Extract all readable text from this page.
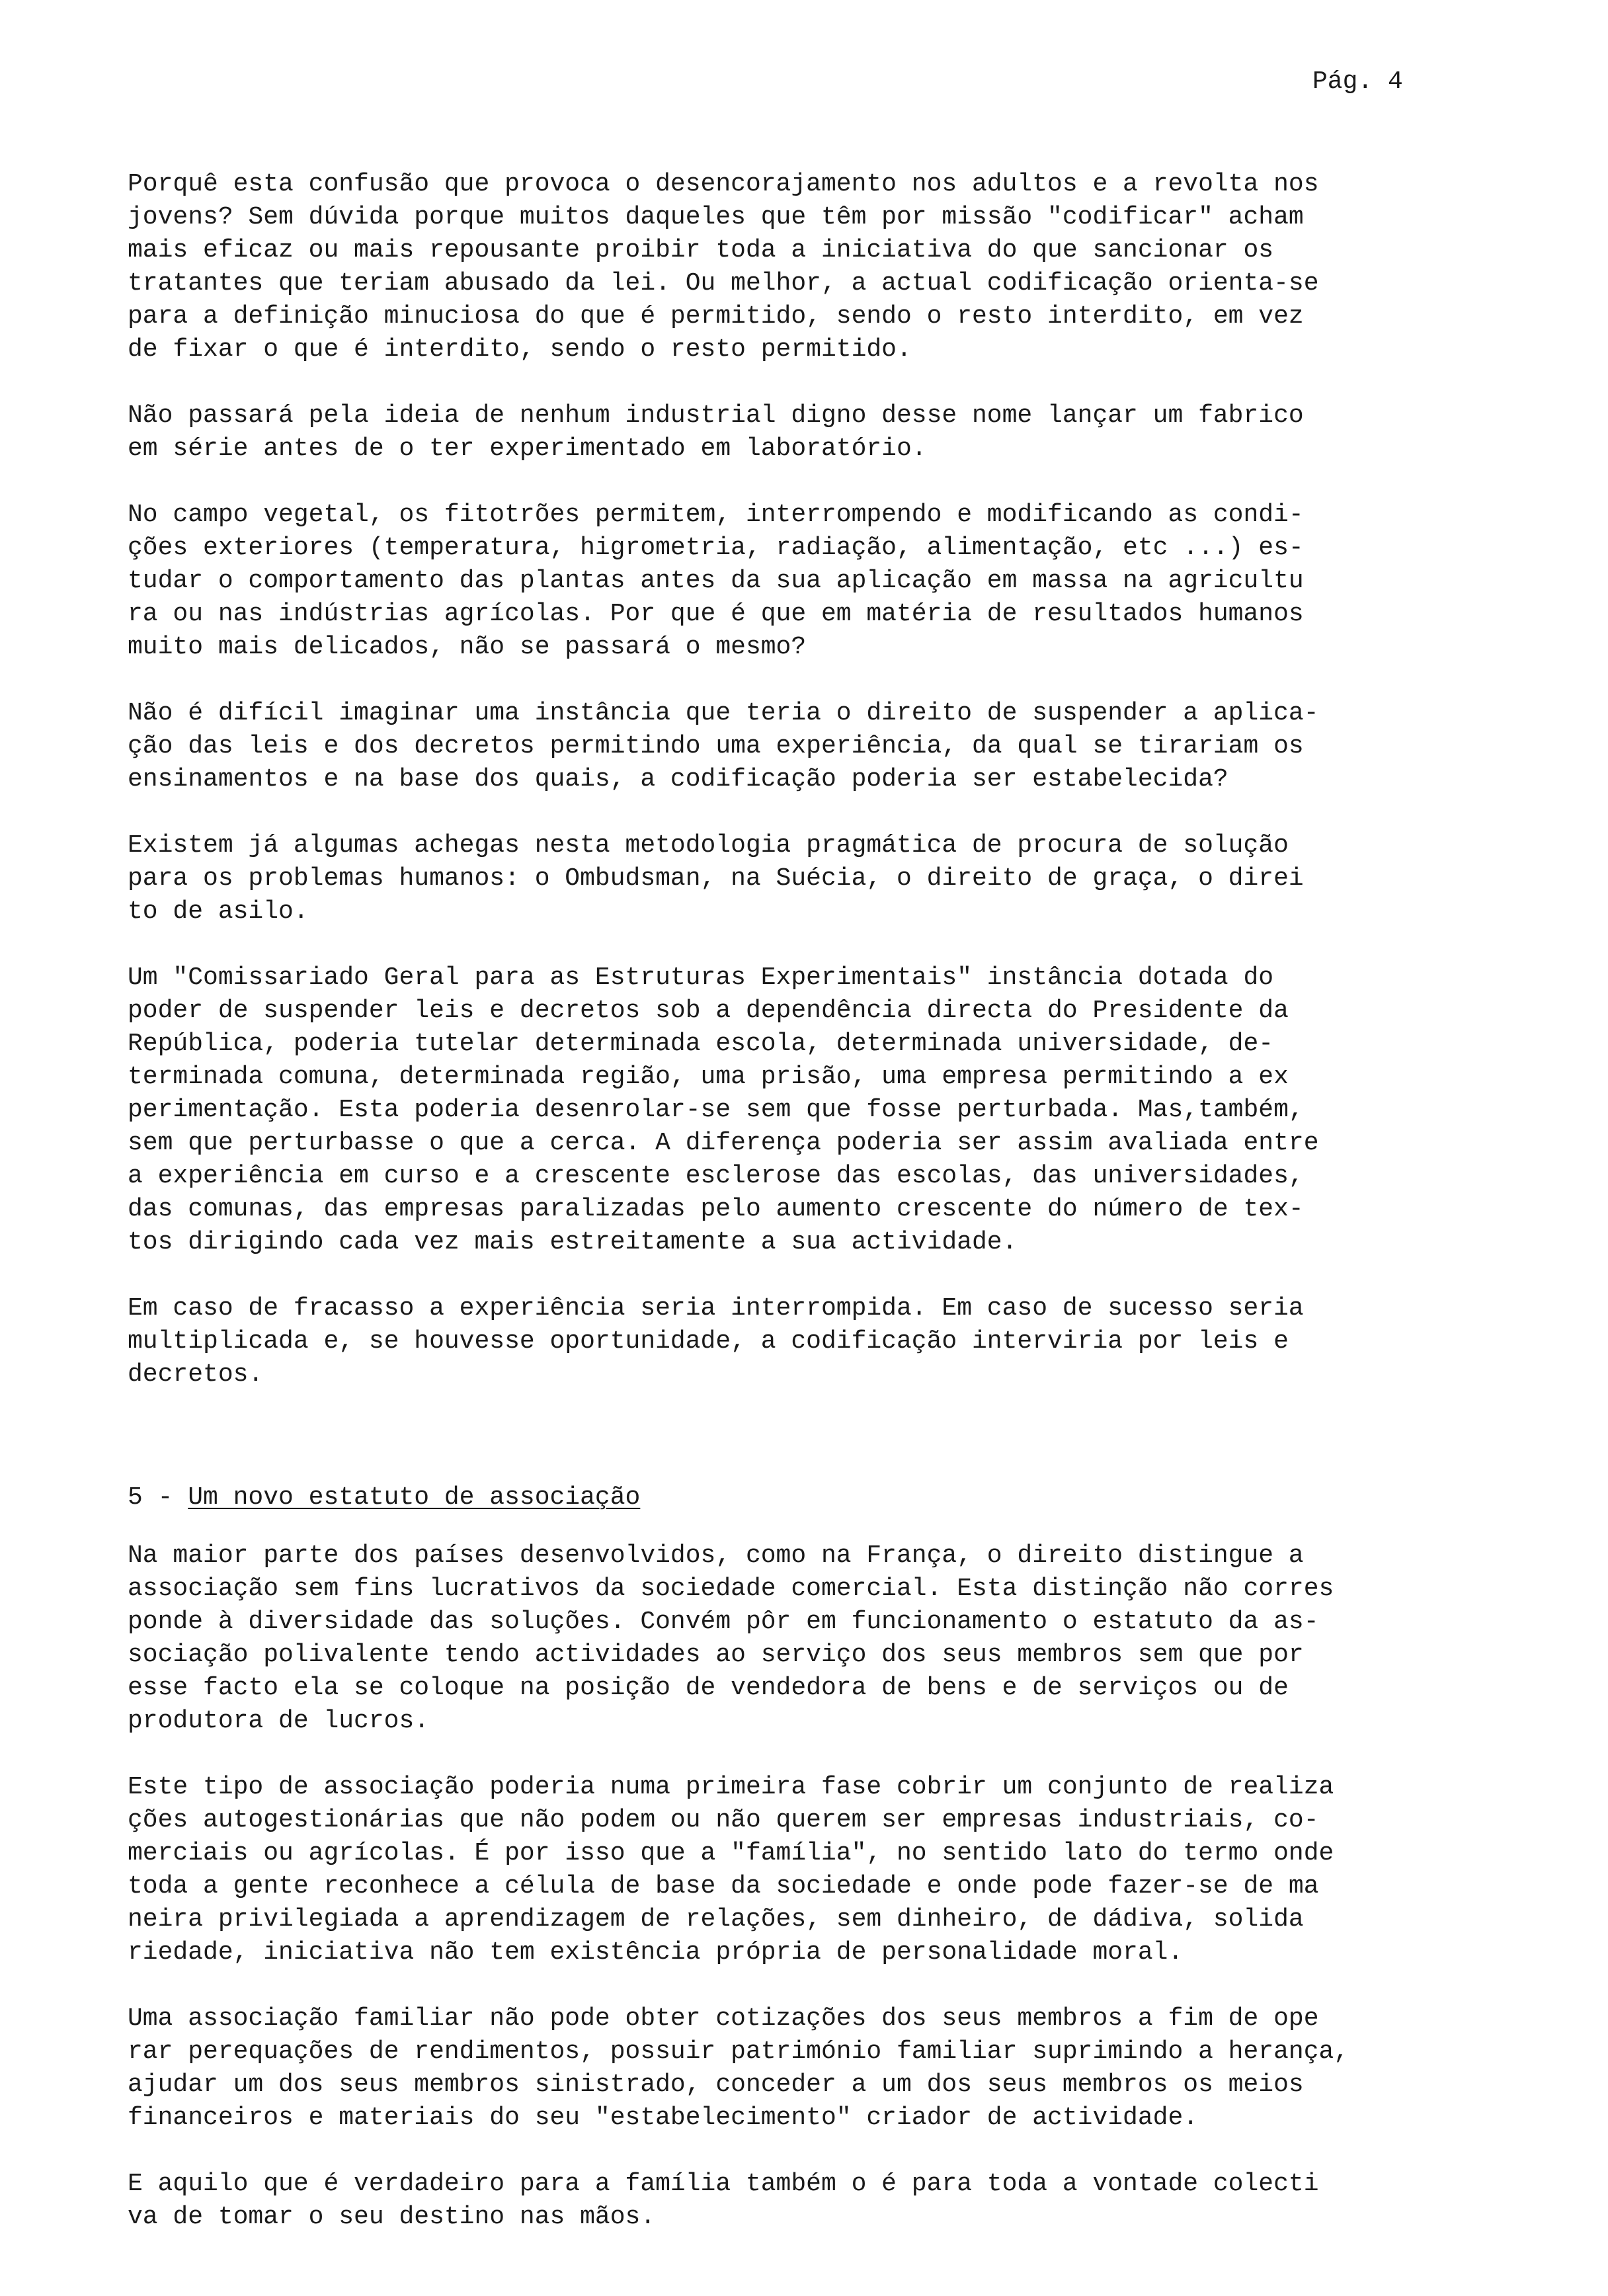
Pág. 4
Porquê esta confusão que provoca o desencorajamento nos adultos e a revolta nos
jovens? Sem dúvida porque muitos daqueles que têm por missão "codificar" acham
mais eficaz ou mais repousante proibir toda a iniciativa do que sancionar os
tratantes que teriam abusado da lei. Ou melhor, a actual codificação orienta-se
para a definição minuciosa do que é permitido, sendo o resto interdito, em vez
de fixar o que é interdito, sendo o resto permitido.
Não passará pela ideia de nenhum industrial digno desse nome lançar um fabrico
em série antes de o ter experimentado em laboratório.
No campo vegetal, os fitotrões permitem, interrompendo e modificando as condi-
ções exteriores (temperatura, higrometria, radiação, alimentação, etc ...) es-
tudar o comportamento das plantas antes da sua aplicação em massa na agricultu
ra ou nas indústrias agrícolas. Por que é que em matéria de resultados humanos
muito mais delicados, não se passará o mesmo?
Não é difícil imaginar uma instância que teria o direito de suspender a aplica-
ção das leis e dos decretos permitindo uma experiência, da qual se tirariam os
ensinamentos e na base dos quais, a codificação poderia ser estabelecida?
Existem já algumas achegas nesta metodologia pragmática de procura de solução
para os problemas humanos: o Ombudsman, na Suécia, o direito de graça, o direi
to de asilo.
Um "Comissariado Geral para as Estruturas Experimentais" instância dotada do
poder de suspender leis e decretos sob a dependência directa do Presidente da
República, poderia tutelar determinada escola, determinada universidade, de-
terminada comuna, determinada região, uma prisão, uma empresa permitindo a ex
perimentação. Esta poderia desenrolar-se sem que fosse perturbada. Mas,também,
sem que perturbasse o que a cerca. A diferença poderia ser assim avaliada entre
a experiência em curso e a crescente esclerose das escolas, das universidades,
das comunas, das empresas paralizadas pelo aumento crescente do número de tex-
tos dirigindo cada vez mais estreitamente a sua actividade.
Em caso de fracasso a experiência seria interrompida. Em caso de sucesso seria
multiplicada e, se houvesse oportunidade, a codificação interviria por leis e
decretos.
5 - Um novo estatuto de associação
Na maior parte dos países desenvolvidos, como na França, o direito distingue a
associação sem fins lucrativos da sociedade comercial. Esta distinção não corres
ponde à diversidade das soluções. Convém pôr em funcionamento o estatuto da as-
sociação polivalente tendo actividades ao serviço dos seus membros sem que por
esse facto ela se coloque na posição de vendedora de bens e de serviços ou de
produtora de lucros.
Este tipo de associação poderia numa primeira fase cobrir um conjunto de realiza
ções autogestionárias que não podem ou não querem ser empresas industriais, co-
merciais ou agrícolas. É por isso que a "família", no sentido lato do termo onde
toda a gente reconhece a célula de base da sociedade e onde pode fazer-se de ma
neira privilegiada a aprendizagem de relações, sem dinheiro, de dádiva, solida
riedade, iniciativa não tem existência própria de personalidade moral.
Uma associação familiar não pode obter cotizações dos seus membros a fim de ope
rar perequações de rendimentos, possuir património familiar suprimindo a herança,
ajudar um dos seus membros sinistrado, conceder a um dos seus membros os meios
financeiros e materiais do seu "estabelecimento" criador de actividade.
E aquilo que é verdadeiro para a família também o é para toda a vontade colecti
va de tomar o seu destino nas mãos.
